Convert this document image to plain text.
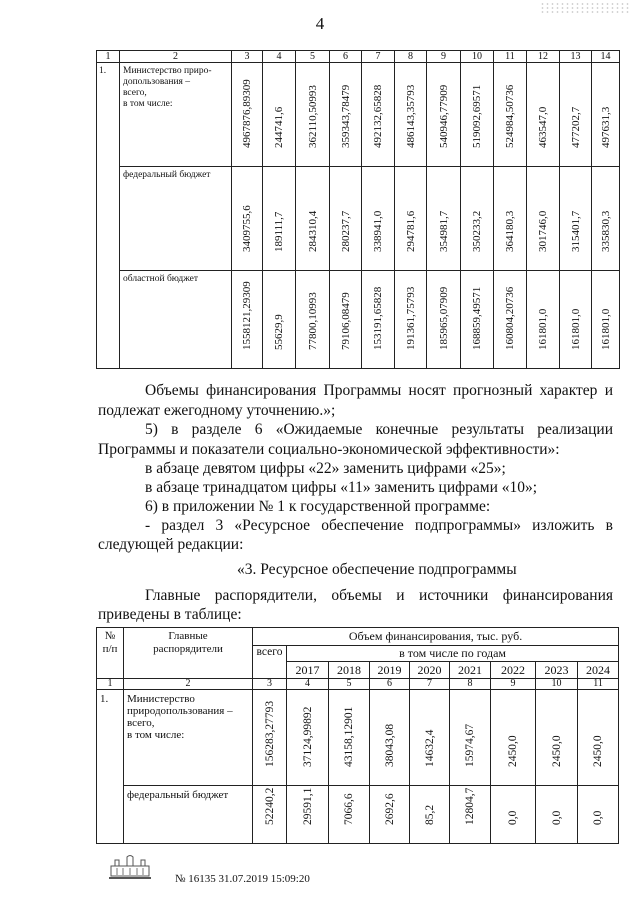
4
1	2	3	4	5	6	7	8	9	10	11	12	13	14
1.	Министерство приро-
допользования –
всего,
в том числе:	4967876,89309	244741,6	362110,50993	359343,78479	492132,65828	486143,35793	540946,77909	519092,69571	524984,50736	463547,0	477202,7	497631,3

	федеральный бюджет	3409755,6	189111,7	284310,4	280237,7	338941,0	294781,6	354981,7	350233,2	364180,3	301746,0	315401,7	335830,3

	областной бюджет	1558121,29309	55629,9	77800,10993	79106,08479	153191,65828	191361,75793	185965,07909	168859,49571	160804,20736	161801,0	161801,0	161801,0
Объемы финансирования Программы носят прогнозный характер и
подлежат ежегодному уточнению.»;
5) в разделе 6 «Ожидаемые конечные результаты реализации
Программы и показатели социально-экономической эффективности»:
в абзаце девятом цифры «22» заменить цифрами «25»;
в абзаце тринадцатом цифры «11» заменить цифрами «10»;
6) в приложении № 1 к государственной программе:
- раздел 3 «Ресурсное обеспечение подпрограммы» изложить в
следующей редакции:
«3. Ресурсное обеспечение подпрограммы
Главные распорядители, объемы и источники финансирования
приведены в таблице:
№
п/п	Главные
распорядители	Объем финансирования, тыс. руб.								
		всего	в том числе по годам							
			2017	2018	2019	2020	2021	2022	2023	2024
1	2	3	4	5	6	7	8	9	10	11
1.	Министерство
природопользования –
всего,
в том числе:	156283,27793	37124,99892	43158,12901	38043,08	14632,4	15974,67	2450,0	2450,0	2450,0

	федеральный бюджет	52240,2	29591,1	7066,6	2692,6	85,2	12804,7	0,0	0,0	0,0
№ 16135 31.07.2019 15:09:20
